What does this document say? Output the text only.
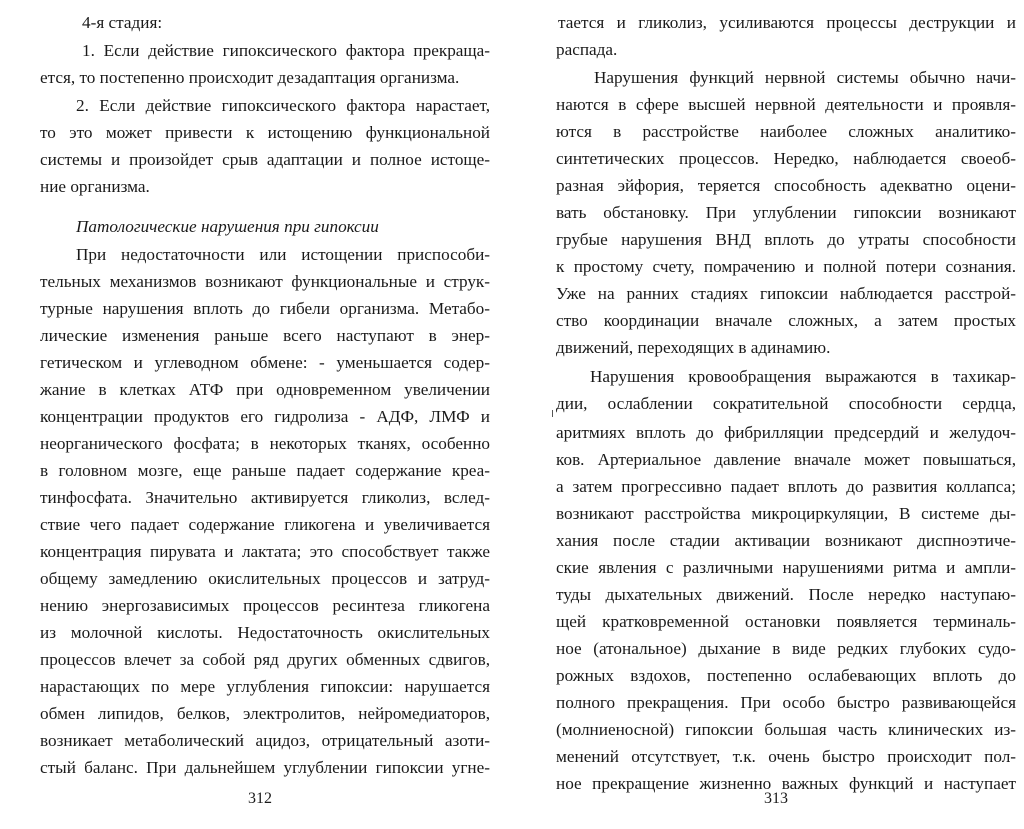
4-я стадия:
1. Если действие гипоксического фактора прекраща-
ется, то постепенно происходит дезадаптация организма.
2. Если действие гипоксического фактора нарастает,
то это может привести к истощению функциональной
системы и произойдет срыв адаптации и полное истоще-
ние организма.
Патологические нарушения при гипоксии
При недостаточности или истощении приспособи-
тельных механизмов возникают функциональные и струк-
турные нарушения вплоть до гибели организма. Метабо-
лические изменения раньше всего наступают в энер-
гетическом и углеводном обмене: - уменьшается содер-
жание в клетках АТФ при одновременном увеличении
концентрации продуктов его гидролиза - АДФ, ЛМФ и
неорганического фосфата; в некоторых тканях, особенно
в головном мозге, еще раньше падает содержание креа-
тинфосфата. Значительно активируется гликолиз, вслед-
ствие чего падает содержание гликогена и увеличивается
концентрация пирувата и лактата; это способствует также
общему замедлению окислительных процессов и затруд-
нению энергозависимых процессов ресинтеза гликогена
из молочной кислоты. Недостаточность окислительных
процессов влечет за собой ряд других обменных сдвигов,
нарастающих по мере углубления гипоксии: нарушается
обмен липидов, белков, электролитов, нейромедиаторов,
возникает метаболический ацидоз, отрицательный азоти-
стый баланс. При дальнейшем углублении гипоксии угне-
312
тается и гликолиз, усиливаются процессы деструкции и
распада.
Нарушения функций нервной системы обычно начи-
наются в сфере высшей нервной деятельности и проявля-
ются в расстройстве наиболее сложных аналитико-
синтетических процессов. Нередко, наблюдается своеоб-
разная эйфория, теряется способность адекватно оцени-
вать обстановку. При углублении гипоксии возникают
грубые нарушения ВНД вплоть до утраты способности
к простому счету, помрачению и полной потери сознания.
Уже на ранних стадиях гипоксии наблюдается расстрой-
ство координации вначале сложных, а затем простых
движений, переходящих в адинамию.
Нарушения кровообращения выражаются в тахикар-
дии, ослаблении сократительной способности сердца,
аритмиях вплоть до фибрилляции предсердий и желудоч-
ков. Артериальное давление вначале может повышаться,
а затем прогрессивно падает вплоть до развития коллапса;
возникают расстройства микроциркуляции, В системе ды-
хания после стадии активации возникают диспноэтиче-
ские явления с различными нарушениями ритма и ампли-
туды дыхательных движений. После нередко наступаю-
щей кратковременной остановки появляется терминаль-
ное (атональное) дыхание в виде редких глубоких судо-
рожных вздохов, постепенно ослабевающих вплоть до
полного прекращения. При особо быстро развивающейся
(молниеносной) гипоксии большая часть клинических из-
менений отсутствует, т.к. очень быстро происходит пол-
ное прекращение жизненно важных функций и наступает
313
